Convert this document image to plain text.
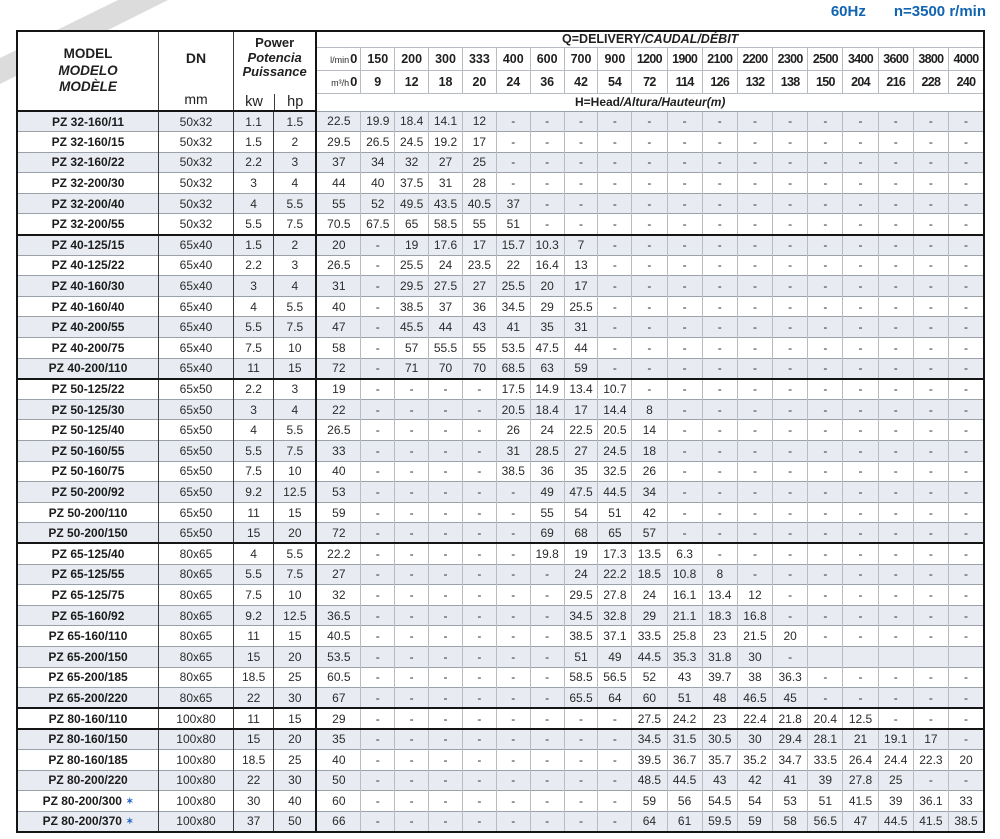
60Hz n=3500 r/min
MODEL
MODELO
MODÈLE

DN
mm

Power
Potencia
Puissance
kw	hp
	Q=DELIVERY/CAUDAL/DÉBIT
				l/min0	150	200	300	333	400	600	700	900	1200	1900	2100	2200	2300	2500	3400	3600	3800	4000
				m³/h0	9	12	18	20	24	36	42	54	72	114	126	132	138	150	204	216	228	240
				H=Head/Altura/Hauteur(m)																		
PZ 32-160/11	50x32	1.1	1.5	22.5	19.9	18.4	14.1	12	-	-	-	-	-	-	-	-	-	-	-	-	-	-
PZ 32-160/15	50x32	1.5	2	29.5	26.5	24.5	19.2	17	-	-	-	-	-	-	-	-	-	-	-	-	-	-
PZ 32-160/22	50x32	2.2	3	37	34	32	27	25	-	-	-	-	-	-	-	-	-	-	-	-	-	-
PZ 32-200/30	50x32	3	4	44	40	37.5	31	28	-	-	-	-	-	-	-	-	-	-	-	-	-	-
PZ 32-200/40	50x32	4	5.5	55	52	49.5	43.5	40.5	37	-	-	-	-	-	-	-	-	-	-	-	-	-
PZ 32-200/55	50x32	5.5	7.5	70.5	67.5	65	58.5	55	51	-	-	-	-	-	-	-	-	-	-	-	-	-
PZ 40-125/15	65x40	1.5	2	20	-	19	17.6	17	15.7	10.3	7	-	-	-	-	-	-	-	-	-	-	-
PZ 40-125/22	65x40	2.2	3	26.5	-	25.5	24	23.5	22	16.4	13	-	-	-	-	-	-	-	-	-	-	-
PZ 40-160/30	65x40	3	4	31	-	29.5	27.5	27	25.5	20	17	-	-	-	-	-	-	-	-	-	-	-
PZ 40-160/40	65x40	4	5.5	40	-	38.5	37	36	34.5	29	25.5	-	-	-	-	-	-	-	-	-	-	-
PZ 40-200/55	65x40	5.5	7.5	47	-	45.5	44	43	41	35	31	-	-	-	-	-	-	-	-	-	-	-
PZ 40-200/75	65x40	7.5	10	58	-	57	55.5	55	53.5	47.5	44	-	-	-	-	-	-	-	-	-	-	-
PZ 40-200/110	65x40	11	15	72	-	71	70	70	68.5	63	59	-	-	-	-	-	-	-	-	-	-	-
PZ 50-125/22	65x50	2.2	3	19	-	-	-	-	17.5	14.9	13.4	10.7	-	-	-	-	-	-	-	-	-	-
PZ 50-125/30	65x50	3	4	22	-	-	-	-	20.5	18.4	17	14.4	8	-	-	-	-	-	-	-	-	-
PZ 50-125/40	65x50	4	5.5	26.5	-	-	-	-	26	24	22.5	20.5	14	-	-	-	-	-	-	-	-	-
PZ 50-160/55	65x50	5.5	7.5	33	-	-	-	-	31	28.5	27	24.5	18	-	-	-	-	-	-	-	-	-
PZ 50-160/75	65x50	7.5	10	40	-	-	-	-	38.5	36	35	32.5	26	-	-	-	-	-	-	-	-	-
PZ 50-200/92	65x50	9.2	12.5	53	-	-	-	-	-	49	47.5	44.5	34	-	-	-	-	-	-	-	-	-
PZ 50-200/110	65x50	11	15	59	-	-	-	-	-	55	54	51	42	-	-	-	-	-	-	-	-	-
PZ 50-200/150	65x50	15	20	72	-	-	-	-	-	69	68	65	57	-	-	-	-	-	-	-	-	-
PZ 65-125/40	80x65	4	5.5	22.2	-	-	-	-	-	19.8	19	17.3	13.5	6.3	-	-	-	-	-	-	-	-
PZ 65-125/55	80x65	5.5	7.5	27	-	-	-	-	-	-	24	22.2	18.5	10.8	8	-	-	-	-	-	-	-
PZ 65-125/75	80x65	7.5	10	32	-	-	-	-	-	-	29.5	27.8	24	16.1	13.4	12	-	-	-	-	-	-
PZ 65-160/92	80x65	9.2	12.5	36.5	-	-	-	-	-	-	34.5	32.8	29	21.1	18.3	16.8	-	-	-	-	-	-
PZ 65-160/110	80x65	11	15	40.5	-	-	-	-	-	-	38.5	37.1	33.5	25.8	23	21.5	20	-	-	-	-	-
PZ 65-200/150	80x65	15	20	53.5	-	-	-	-	-	-	51	49	44.5	35.3	31.8	30	-					
PZ 65-200/185	80x65	18.5	25	60.5	-	-	-	-	-	-	58.5	56.5	52	43	39.7	38	36.3	-	-	-	-	-
PZ 65-200/220	80x65	22	30	67	-	-	-	-	-	-	65.5	64	60	51	48	46.5	45	-	-	-	-	-
PZ 80-160/110	100x80	11	15	29	-	-	-	-	-	-	-	-	27.5	24.2	23	22.4	21.8	20.4	12.5	-	-	-
PZ 80-160/150	100x80	15	20	35	-	-	-	-	-	-	-	-	34.5	31.5	30.5	30	29.4	28.1	21	19.1	17	-
PZ 80-160/185	100x80	18.5	25	40	-	-	-	-	-	-	-	-	39.5	36.7	35.7	35.2	34.7	33.5	26.4	24.4	22.3	20
PZ 80-200/220	100x80	22	30	50	-	-	-	-	-	-	-	-	48.5	44.5	43	42	41	39	27.8	25	-	-
PZ 80-200/300 ✶	100x80	30	40	60	-	-	-	-	-	-	-	-	59	56	54.5	54	53	51	41.5	39	36.1	33
PZ 80-200/370 ✶	100x80	37	50	66	-	-	-	-	-	-	-	-	64	61	59.5	59	58	56.5	47	44.5	41.5	38.5
